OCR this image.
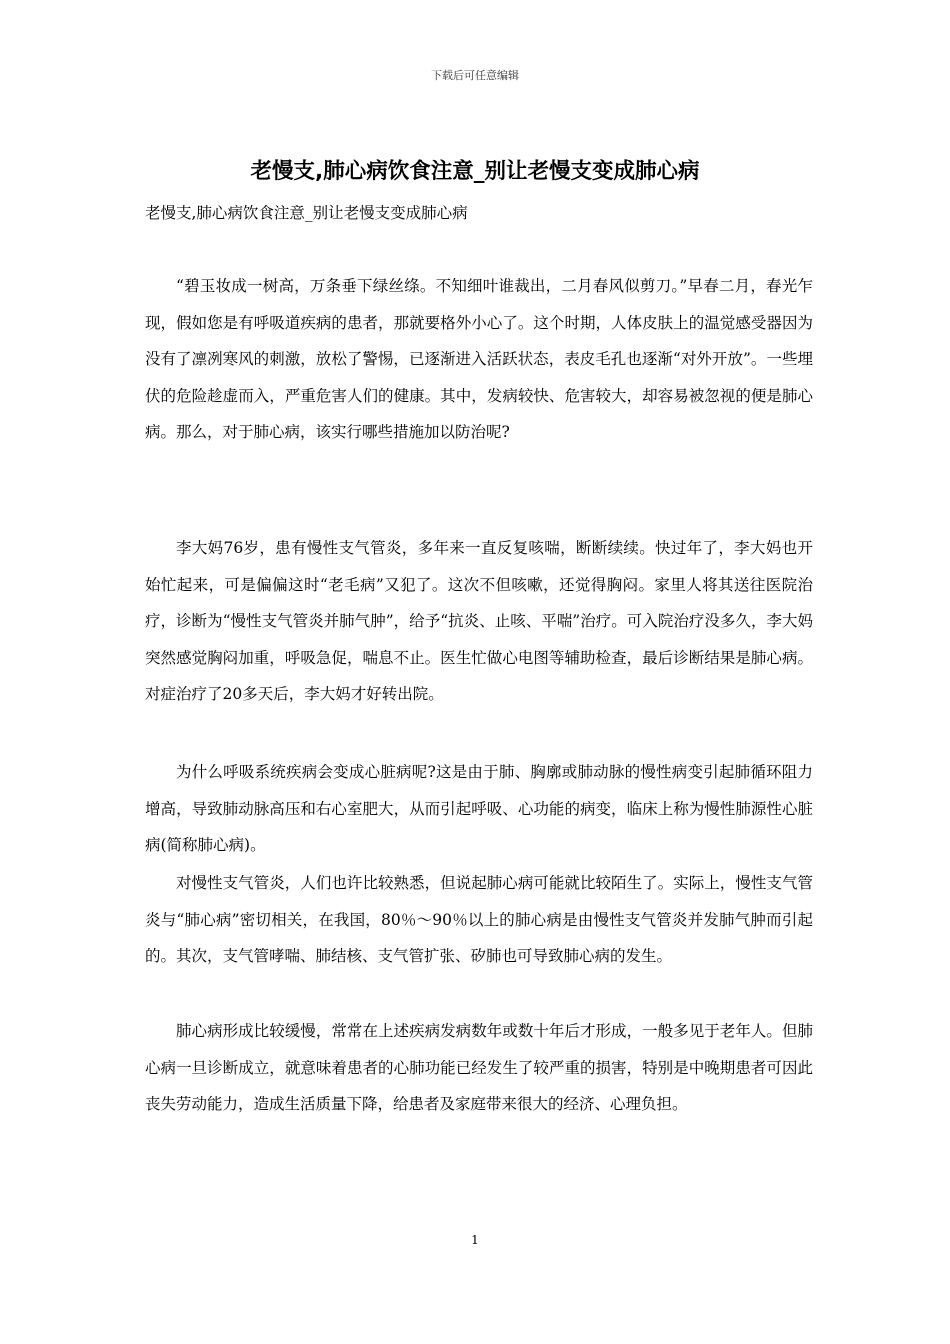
下载后可任意编辑
老慢支,肺心病饮食注意_别让老慢支变成肺心病
老慢支,肺心病饮食注意_别让老慢支变成肺心病

“碧玉妆成一树高，万条垂下绿丝绦。不知细叶谁裁出，二月春风似剪刀。”早春二月，春光乍现，假如您是有呼吸道疾病的患者，那就要格外小心了。这个时期，人体皮肤上的温觉感受器因为没有了凛冽寒风的刺激，放松了警惕，已逐渐进入活跃状态，表皮毛孔也逐渐“对外开放”。一些埋伏的危险趁虚而入，严重危害人们的健康。其中，发病较快、危害较大，却容易被忽视的便是肺心病。那么，对于肺心病，该实行哪些措施加以防治呢?

李大妈76岁，患有慢性支气管炎，多年来一直反复咳喘，断断续续。快过年了，李大妈也开始忙起来，可是偏偏这时“老毛病”又犯了。这次不但咳嗽，还觉得胸闷。家里人将其送往医院治疗，诊断为“慢性支气管炎并肺气肿”，给予“抗炎、止咳、平喘”治疗。可入院治疗没多久，李大妈突然感觉胸闷加重，呼吸急促，喘息不止。医生忙做心电图等辅助检查，最后诊断结果是肺心病。对症治疗了20多天后，李大妈才好转出院。

为什么呼吸系统疾病会变成心脏病呢?这是由于肺、胸廓或肺动脉的慢性病变引起肺循环阻力增高，导致肺动脉高压和右心室肥大，从而引起呼吸、心功能的病变，临床上称为慢性肺源性心脏病(简称肺心病)。

对慢性支气管炎，人们也许比较熟悉，但说起肺心病可能就比较陌生了。实际上，慢性支气管炎与“肺心病”密切相关，在我国，80％～90％以上的肺心病是由慢性支气管炎并发肺气肿而引起的。其次，支气管哮喘、肺结核、支气管扩张、矽肺也可导致肺心病的发生。

肺心病形成比较缓慢，常常在上述疾病发病数年或数十年后才形成，一般多见于老年人。但肺心病一旦诊断成立，就意味着患者的心肺功能已经发生了较严重的损害，特别是中晚期患者可因此丧失劳动能力，造成生活质量下降，给患者及家庭带来很大的经济、心理负担。

1
